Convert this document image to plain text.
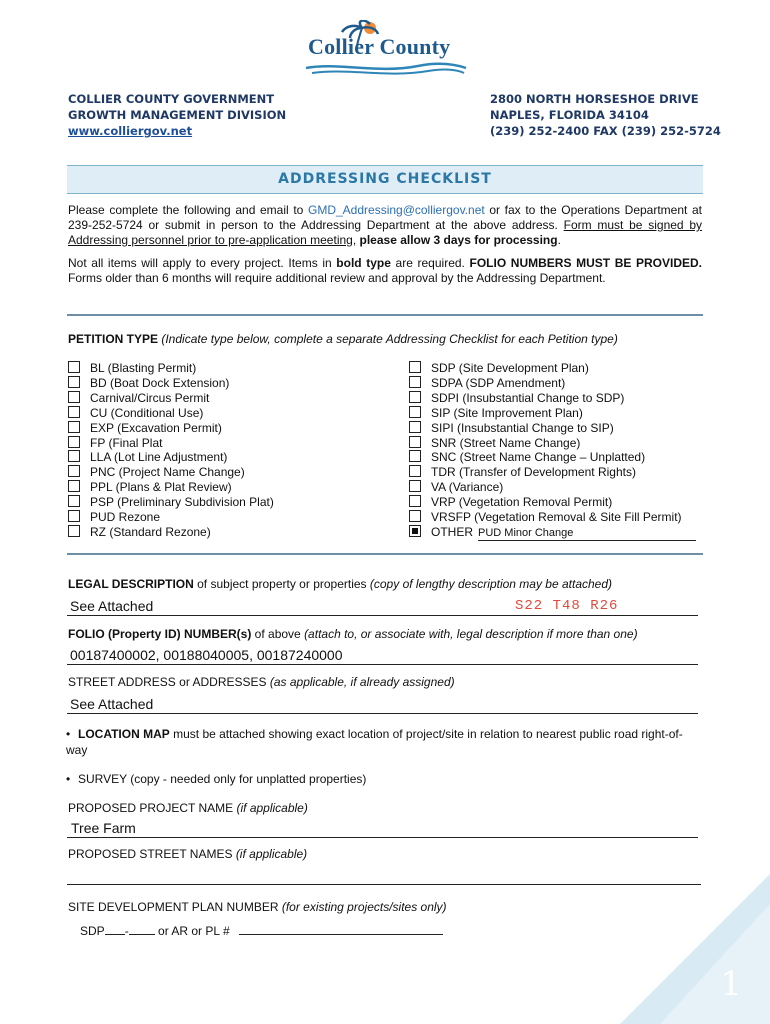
Collier County
COLLIER COUNTY GOVERNMENT
GROWTH MANAGEMENT DIVISION
www.colliergov.net
2800 NORTH HORSESHOE DRIVE
NAPLES, FLORIDA 34104
(239) 252-2400 FAX (239) 252-5724
ADDRESSING CHECKLIST
Please complete the following and email to GMD_Addressing@colliergov.net or fax to the Operations Department at 239-252-5724 or submit in person to the Addressing Department at the above address. Form must be signed by Addressing personnel prior to pre-application meeting, please allow 3 days for processing.
Not all items will apply to every project. Items in bold type are required. FOLIO NUMBERS MUST BE PROVIDED. Forms older than 6 months will require additional review and approval by the Addressing Department.
PETITION TYPE (Indicate type below, complete a separate Addressing Checklist for each Petition type)
BL (Blasting Permit)
BD (Boat Dock Extension)
Carnival/Circus Permit
CU (Conditional Use)
EXP (Excavation Permit)
FP (Final Plat
LLA (Lot Line Adjustment)
PNC (Project Name Change)
PPL (Plans & Plat Review)
PSP (Preliminary Subdivision Plat)
PUD Rezone
RZ (Standard Rezone)
SDP (Site Development Plan)
SDPA (SDP Amendment)
SDPI (Insubstantial Change to SDP)
SIP (Site Improvement Plan)
SIPI (Insubstantial Change to SIP)
SNR (Street Name Change)
SNC (Street Name Change – Unplatted)
TDR (Transfer of Development Rights)
VA (Variance)
VRP (Vegetation Removal Permit)
VRSFP (Vegetation Removal & Site Fill Permit)
OTHER PUD Minor Change
LEGAL DESCRIPTION of subject property or properties (copy of lengthy description may be attached)
See Attached	S22 T48 R26
FOLIO (Property ID) NUMBER(s) of above (attach to, or associate with, legal description if more than one)
00187400002, 00188040005, 00187240000
STREET ADDRESS or ADDRESSES (as applicable, if already assigned)
See Attached
• LOCATION MAP must be attached showing exact location of project/site in relation to nearest public road right-of-way
• SURVEY (copy - needed only for unplatted properties)
PROPOSED PROJECT NAME (if applicable)
Tree Farm
PROPOSED STREET NAMES (if applicable)
SITE DEVELOPMENT PLAN NUMBER (for existing projects/sites only)
SDP - or AR or PL #
1
